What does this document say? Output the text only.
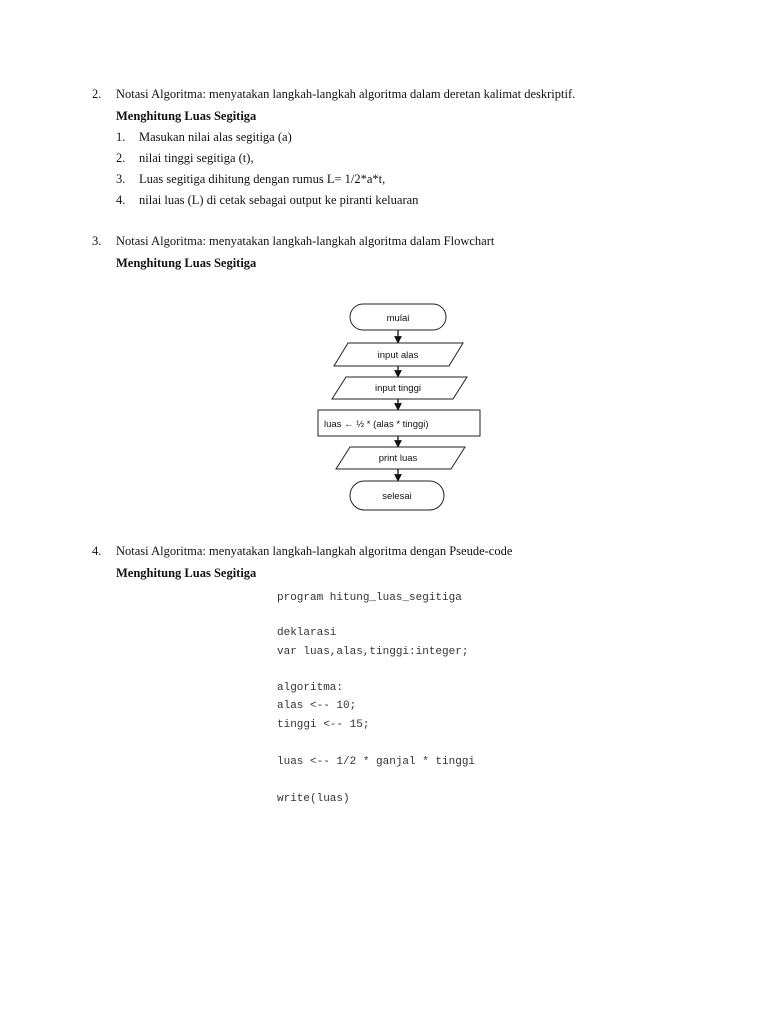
2. Notasi Algoritma: menyatakan langkah-langkah algoritma dalam deretan kalimat deskriptif.
Menghitung Luas Segitiga
1. Masukan nilai alas segitiga (a)
2. nilai tinggi segitiga (t),
3. Luas segitiga dihitung dengan rumus L= 1/2*a*t,
4. nilai luas (L) di cetak sebagai output ke piranti keluaran
3. Notasi Algoritma: menyatakan langkah-langkah algoritma dalam Flowchart
Menghitung Luas Segitiga
mulai
input alas
input tinggi
luas ← ½ * (alas * tinggi)
print luas
selesai
4. Notasi Algoritma: menyatakan langkah-langkah algoritma dengan Pseude-code
Menghitung Luas Segitiga
program hitung_luas_segitiga
deklarasi
var luas,alas,tinggi:integer;
algoritma:
alas <-- 10;
tinggi <-- 15;
luas <-- 1/2 * ganjal * tinggi
write(luas)
